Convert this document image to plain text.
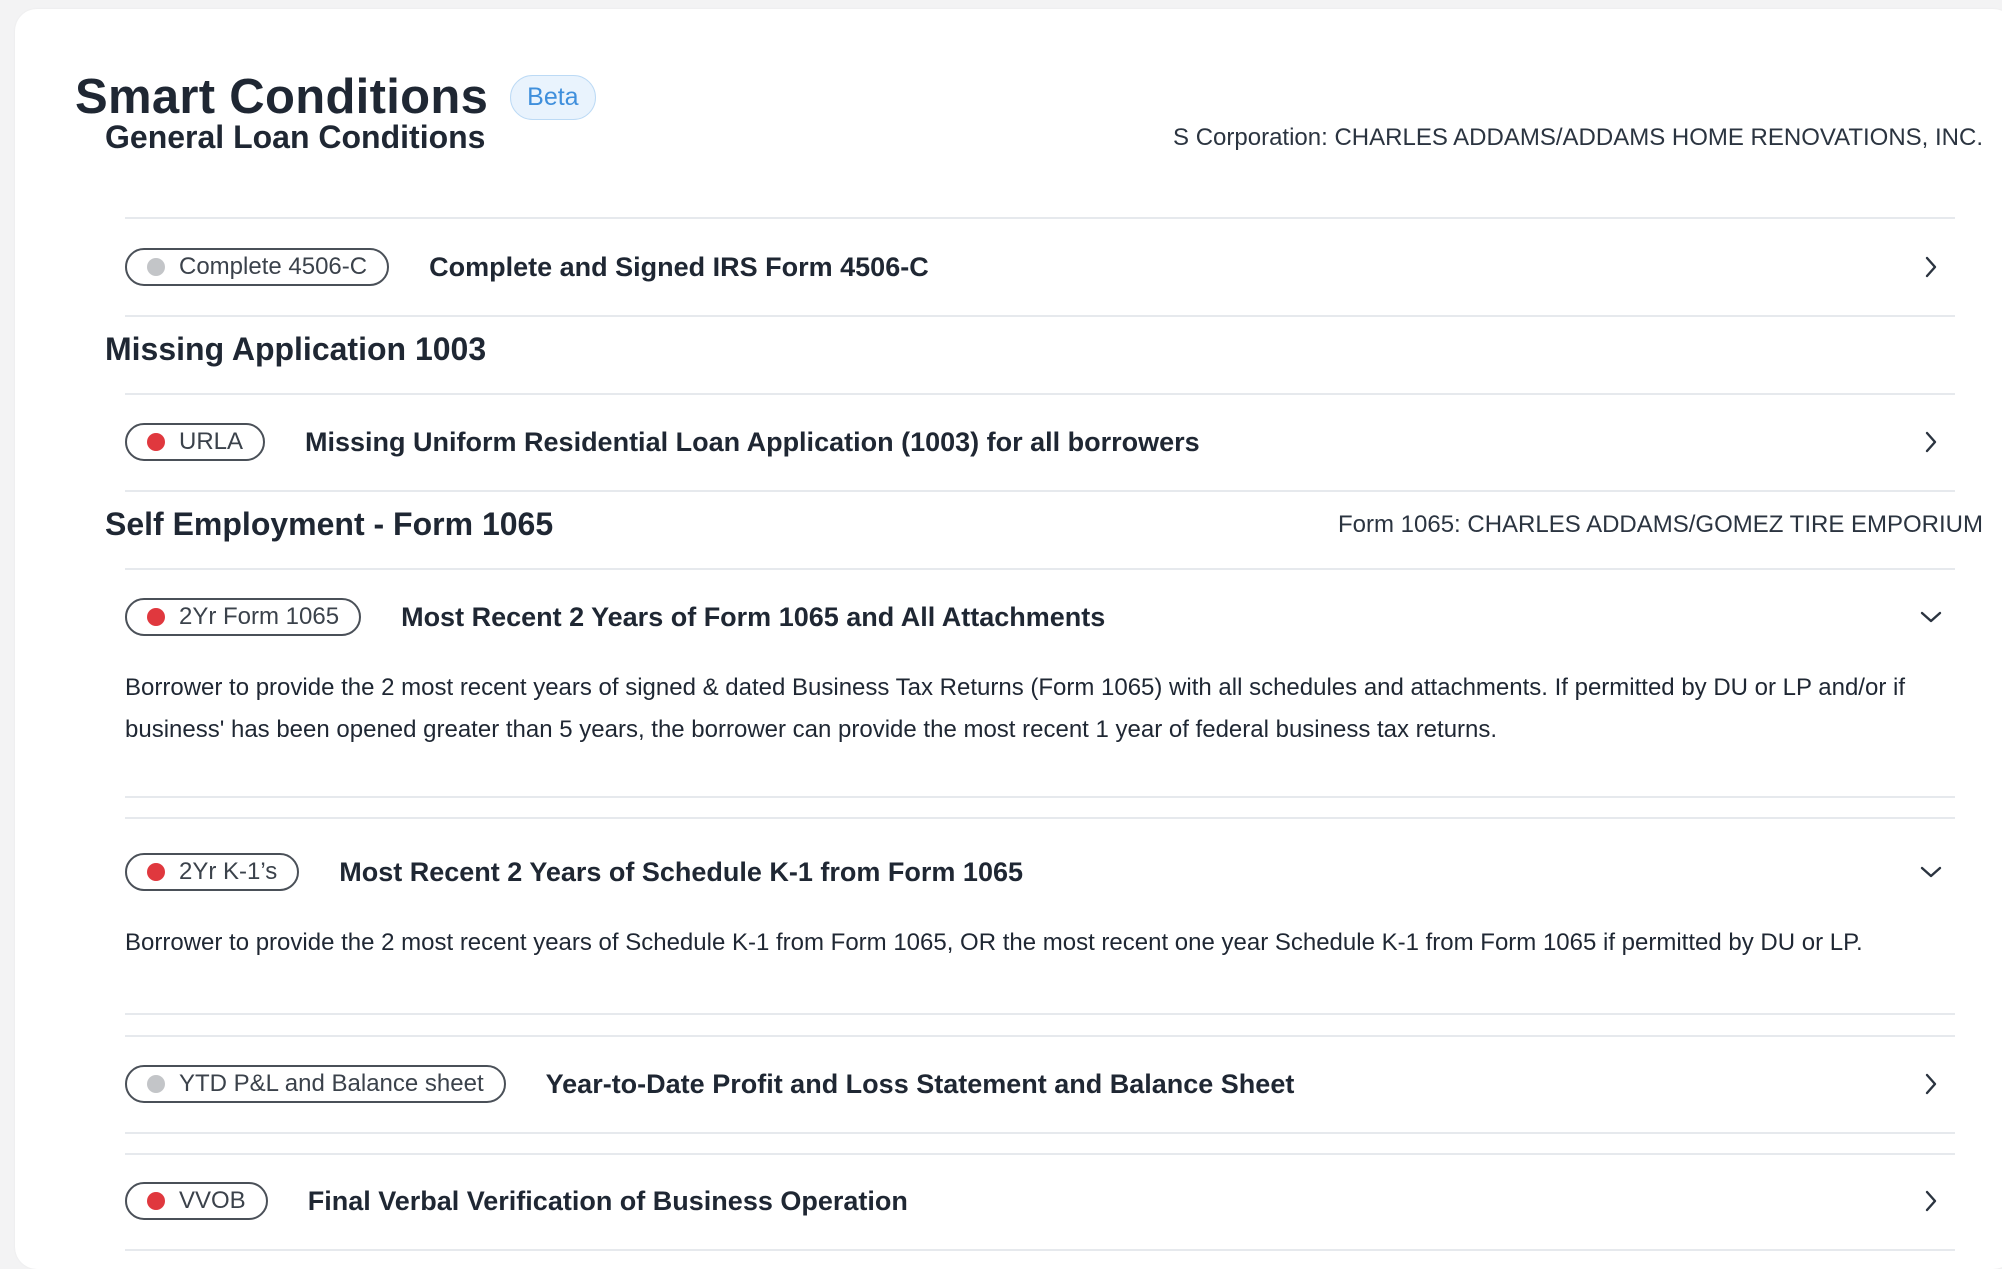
Smart Conditions	Beta
General Loan Conditions	S Corporation: CHARLES ADDAMS/ADDAMS HOME RENOVATIONS, INC.
Complete 4506-C Complete and Signed IRS Form 4506-C
Missing Application 1003
URLA Missing Uniform Residential Loan Application (1003) for all borrowers
Self Employment - Form 1065	Form 1065: CHARLES ADDAMS/GOMEZ TIRE EMPORIUM
2Yr Form 1065 Most Recent 2 Years of Form 1065 and All Attachments
Borrower to provide the 2 most recent years of signed & dated Business Tax Returns (Form 1065) with all schedules and attachments. If permitted by DU or LP and/or if business' has been opened greater than 5 years, the borrower can provide the most recent 1 year of federal business tax returns.
2Yr K-1’s Most Recent 2 Years of Schedule K-1 from Form 1065
Borrower to provide the 2 most recent years of Schedule K-1 from Form 1065, OR the most recent one year Schedule K-1 from Form 1065 if permitted by DU or LP.
YTD P&L and Balance sheet Year-to-Date Profit and Loss Statement and Balance Sheet
VVOB Final Verbal Verification of Business Operation
